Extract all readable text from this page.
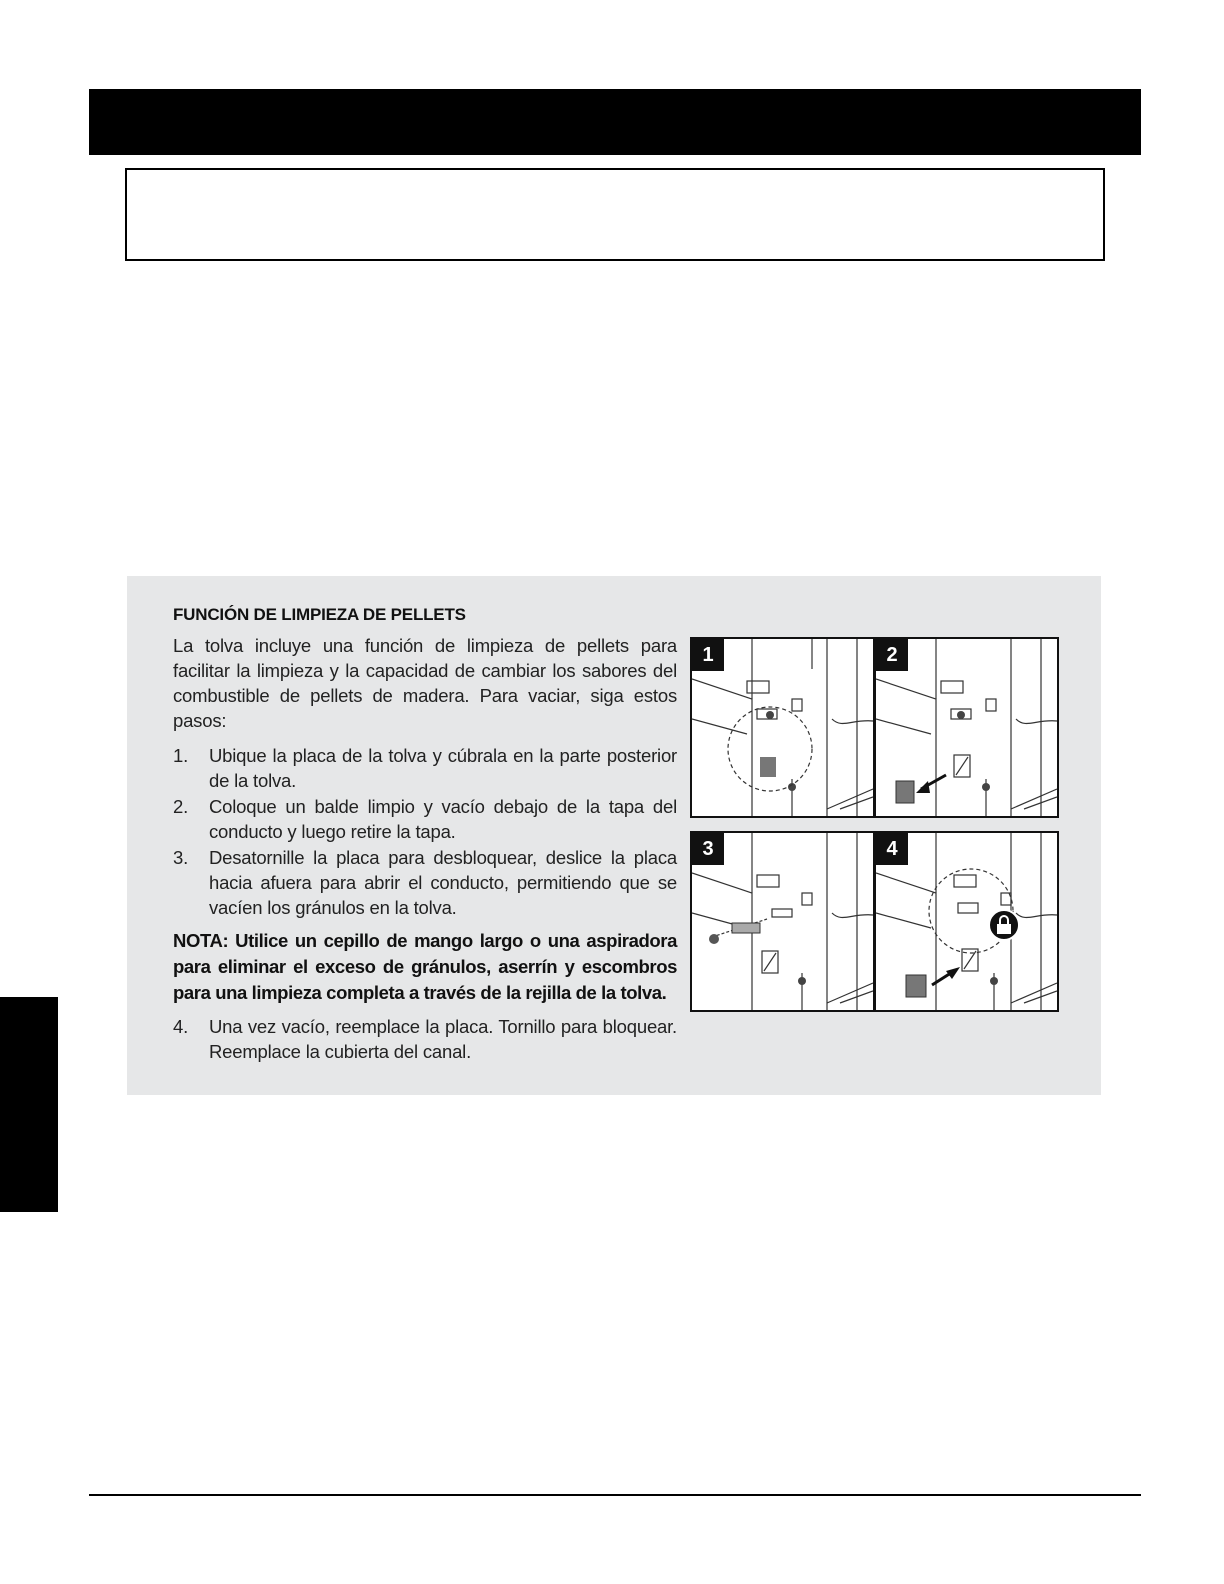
FUNCIÓN DE LIMPIEZA DE PELLETS

La tolva incluye una función de limpieza de pellets para facilitar la limpieza y la capacidad de cambiar los sabores del combustible de pellets de madera. Para vaciar, siga estos pasos:

1.	Ubique la placa de la tolva y cúbrala en la parte posterior de la tolva.
2.	Coloque un balde limpio y vacío debajo de la tapa del conducto y luego retire la tapa.
3.	Desatornille la placa para desbloquear, deslice la placa hacia afuera para abrir el conducto, permitiendo que se vacíen los gránulos en la tolva.

NOTA: Utilice un cepillo de mango largo o una aspiradora para eliminar el exceso de gránulos, aserrín y escombros para una limpieza completa a través de la rejilla de la tolva.

4.	Una vez vacío, reemplace la placa. Tornillo para bloquear. Reemplace la cubierta del canal.
1	2
3	4
